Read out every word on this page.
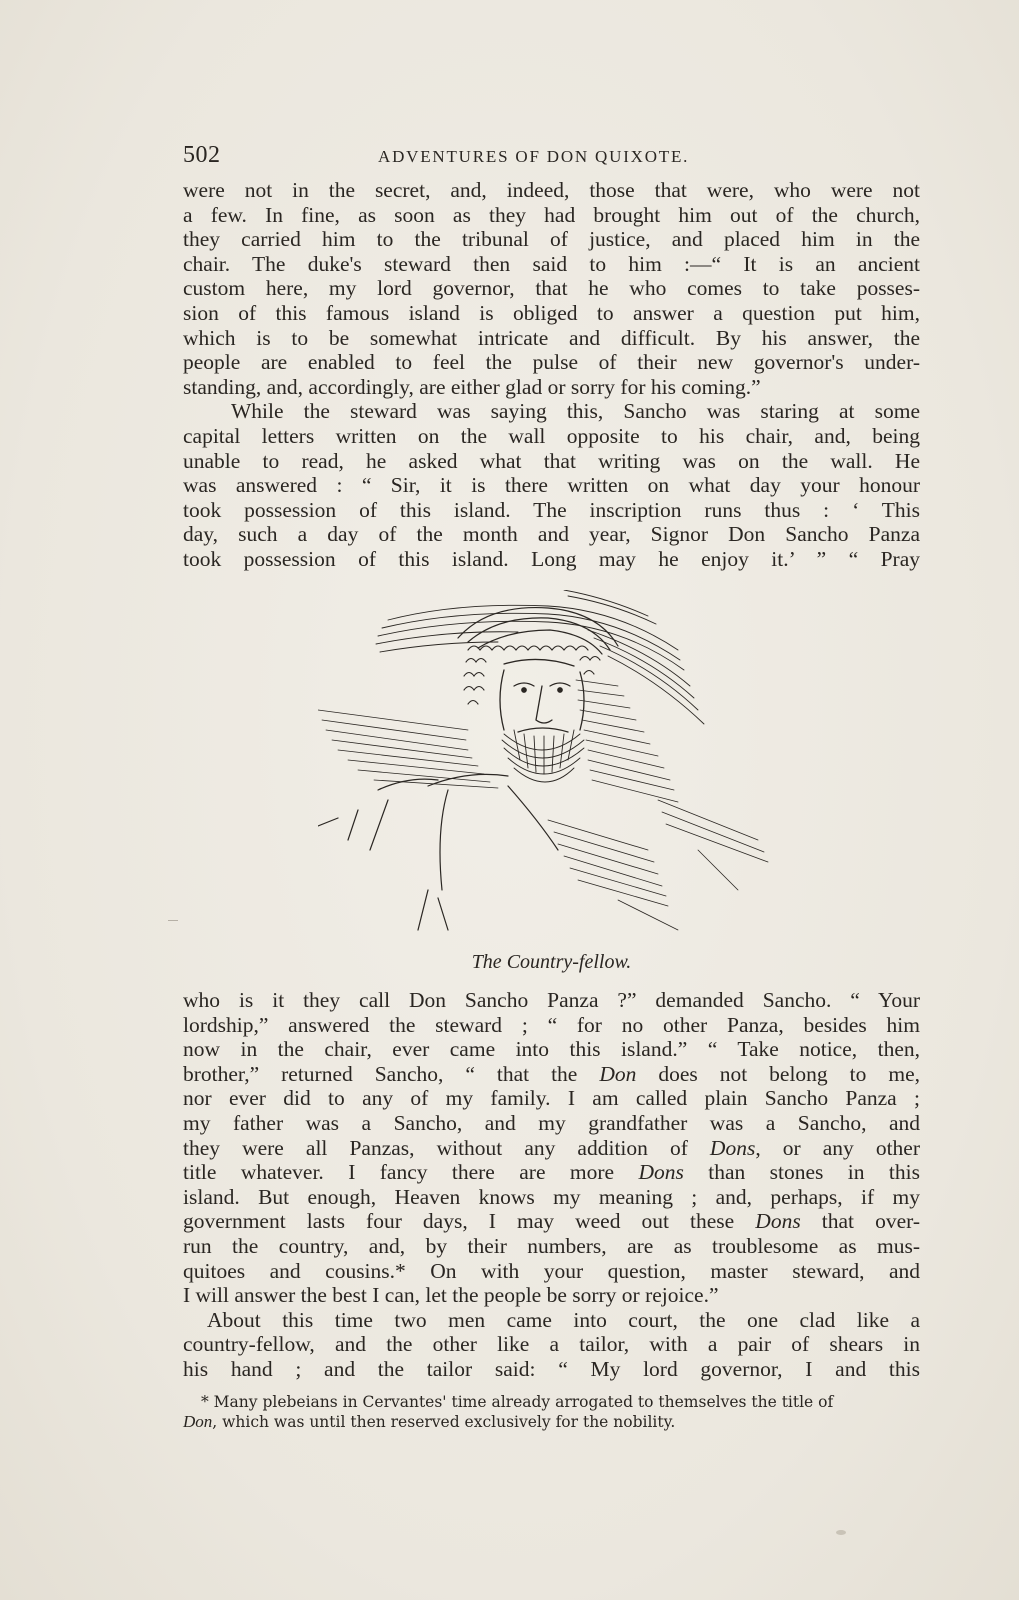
502	ADVENTURES OF DON QUIXOTE.

were not in the secret, and, indeed, those that were, who were not
a few. In fine, as soon as they had brought him out of the church,
they carried him to the tribunal of justice, and placed him in the
chair. The duke's steward then said to him :—“ It is an ancient
custom here, my lord governor, that he who comes to take posses-
sion of this famous island is obliged to answer a question put him,
which is to be somewhat intricate and difficult. By his answer, the
people are enabled to feel the pulse of their new governor's under-
standing, and, accordingly, are either glad or sorry for his coming.”

While the steward was saying this, Sancho was staring at some
capital letters written on the wall opposite to his chair, and, being
unable to read, he asked what that writing was on the wall. He
was answered : “ Sir, it is there written on what day your honour
took possession of this island. The inscription runs thus : ‘ This
day, such a day of the month and year, Signor Don Sancho Panza
took possession of this island. Long may he enjoy it.’ ” “ Pray

The Country-fellow.

who is it they call Don Sancho Panza ?” demanded Sancho. “ Your
lordship,” answered the steward ; “ for no other Panza, besides him
now in the chair, ever came into this island.” “ Take notice, then,
brother,” returned Sancho, “ that the Don does not belong to me,
nor ever did to any of my family. I am called plain Sancho Panza ;
my father was a Sancho, and my grandfather was a Sancho, and
they were all Panzas, without any addition of Dons, or any other
title whatever. I fancy there are more Dons than stones in this
island. But enough, Heaven knows my meaning ; and, perhaps, if my
government lasts four days, I may weed out these Dons that over-
run the country, and, by their numbers, are as troublesome as mus-
quitoes and cousins.* On with your question, master steward, and
I will answer the best I can, let the people be sorry or rejoice.”

About this time two men came into court, the one clad like a
country-fellow, and the other like a tailor, with a pair of shears in
his hand ; and the tailor said: “ My lord governor, I and this

* Many plebeians in Cervantes' time already arrogated to themselves the title of
Don, which was until then reserved exclusively for the nobility.
